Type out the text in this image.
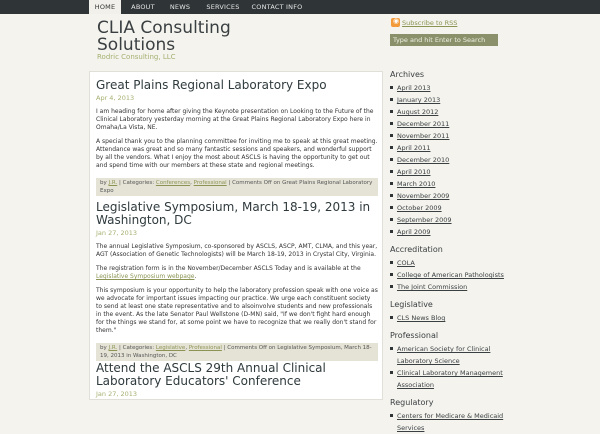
HOME	ABOUT	NEWS	SERVICES	CONTACT INFO
CLIA Consulting Solutions
Rodric Consulting, LLC
◉ Subscribe to RSS
Type and hit Enter to Search
Great Plains Regional Laboratory Expo
Apr 4, 2013

I am heading for home after giving the Keynote presentation on Looking to the Future of the Clinical Laboratory yesterday morning at the Great Plains Regional Laboratory Expo here in Omaha/La Vista, NE.

A special thank you to the planning committee for inviting me to speak at this great meeting. Attendance was great and so many fantastic sessions and speakers, and wonderful support by all the vendors. What I enjoy the most about ASCLS is having the opportunity to get out and spend time with our members at these state and regional meetings.

by J.R. | Categories: Conferences, Professional | Comments Off on Great Plains Regional Laboratory Expo
Legislative Symposium, March 18-19, 2013 in Washington, DC
Jan 27, 2013

The annual Legislative Symposium, co-sponsored by ASCLS, ASCP, AMT, CLMA, and this year, AGT (Association of Genetic Technologists) will be March 18-19, 2013 in Crystal City, Virginia.

The registration form is in the November/December ASCLS Today and is available at the Legislative Symposium webpage.

This symposium is your opportunity to help the laboratory profession speak with one voice as we advocate for important issues impacting our practice. We urge each constituent society to send at least one state representative and to alsoinvolve students and new professionals in the event. As the late Senator Paul Wellstone (D-MN) said, "If we don't fight hard enough for the things we stand for, at some point we have to recognize that we really don't stand for them."

by J.R. | Categories: Legislative, Professional | Comments Off on Legislative Symposium, March 18-19, 2013 in Washington, DC
Attend the ASCLS 29th Annual Clinical Laboratory Educators' Conference
Jan 27, 2013
Archives
April 2013
January 2013
August 2012
December 2011
November 2011
April 2011
December 2010
April 2010
March 2010
November 2009
October 2009
September 2009
April 2009
Accreditation
COLA
College of American Pathologists
The Joint Commission
Legislative
CLS News Blog
Professional
American Society for Clinical Laboratory Science
Clinical Laboratory Management Association
Regulatory
Centers for Medicare & Medicaid Services
